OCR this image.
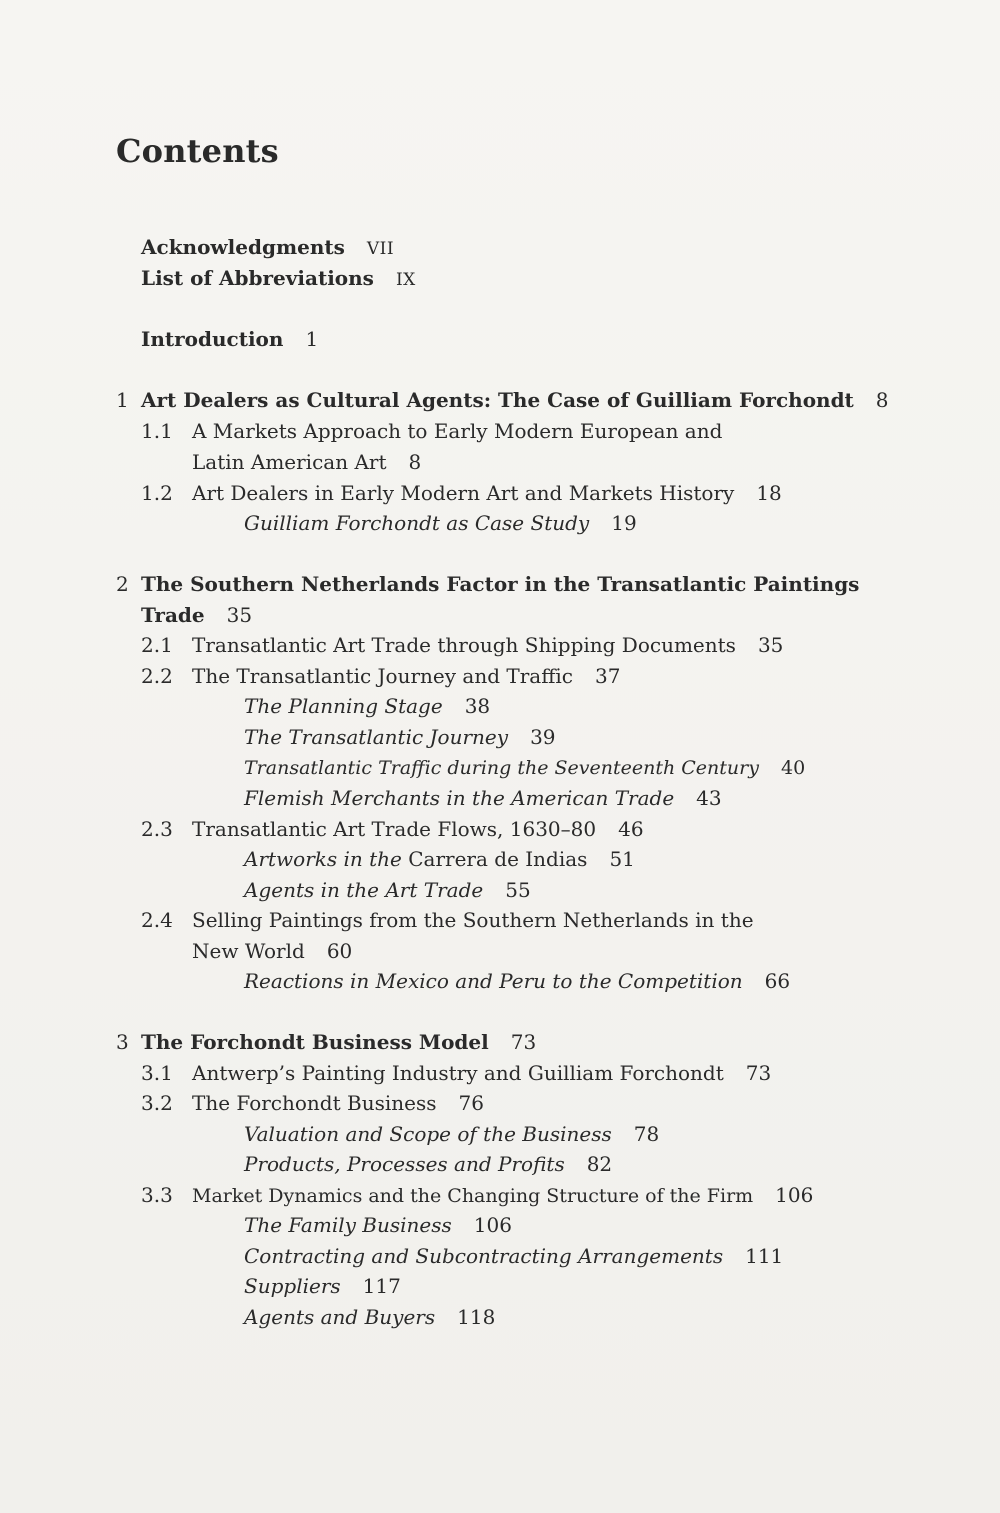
Contents
Acknowledgments VII
List of Abbreviations IX
Introduction 1
1 Art Dealers as Cultural Agents: The Case of Guilliam Forchondt 8
1.1 A Markets Approach to Early Modern European and
Latin American Art 8
1.2 Art Dealers in Early Modern Art and Markets History 18
Guilliam Forchondt as Case Study 19
2 The Southern Netherlands Factor in the Transatlantic Paintings
Trade 35
2.1 Transatlantic Art Trade through Shipping Documents 35
2.2 The Transatlantic Journey and Traffic 37
The Planning Stage 38
The Transatlantic Journey 39
Transatlantic Traffic during the Seventeenth Century 40
Flemish Merchants in the American Trade 43
2.3 Transatlantic Art Trade Flows, 1630–80 46
Artworks in the Carrera de Indias 51
Agents in the Art Trade 55
2.4 Selling Paintings from the Southern Netherlands in the
New World 60
Reactions in Mexico and Peru to the Competition 66
3 The Forchondt Business Model 73
3.1 Antwerp’s Painting Industry and Guilliam Forchondt 73
3.2 The Forchondt Business 76
Valuation and Scope of the Business 78
Products, Processes and Profits 82
3.3 Market Dynamics and the Changing Structure of the Firm 106
The Family Business 106
Contracting and Subcontracting Arrangements 111
Suppliers 117
Agents and Buyers 118
